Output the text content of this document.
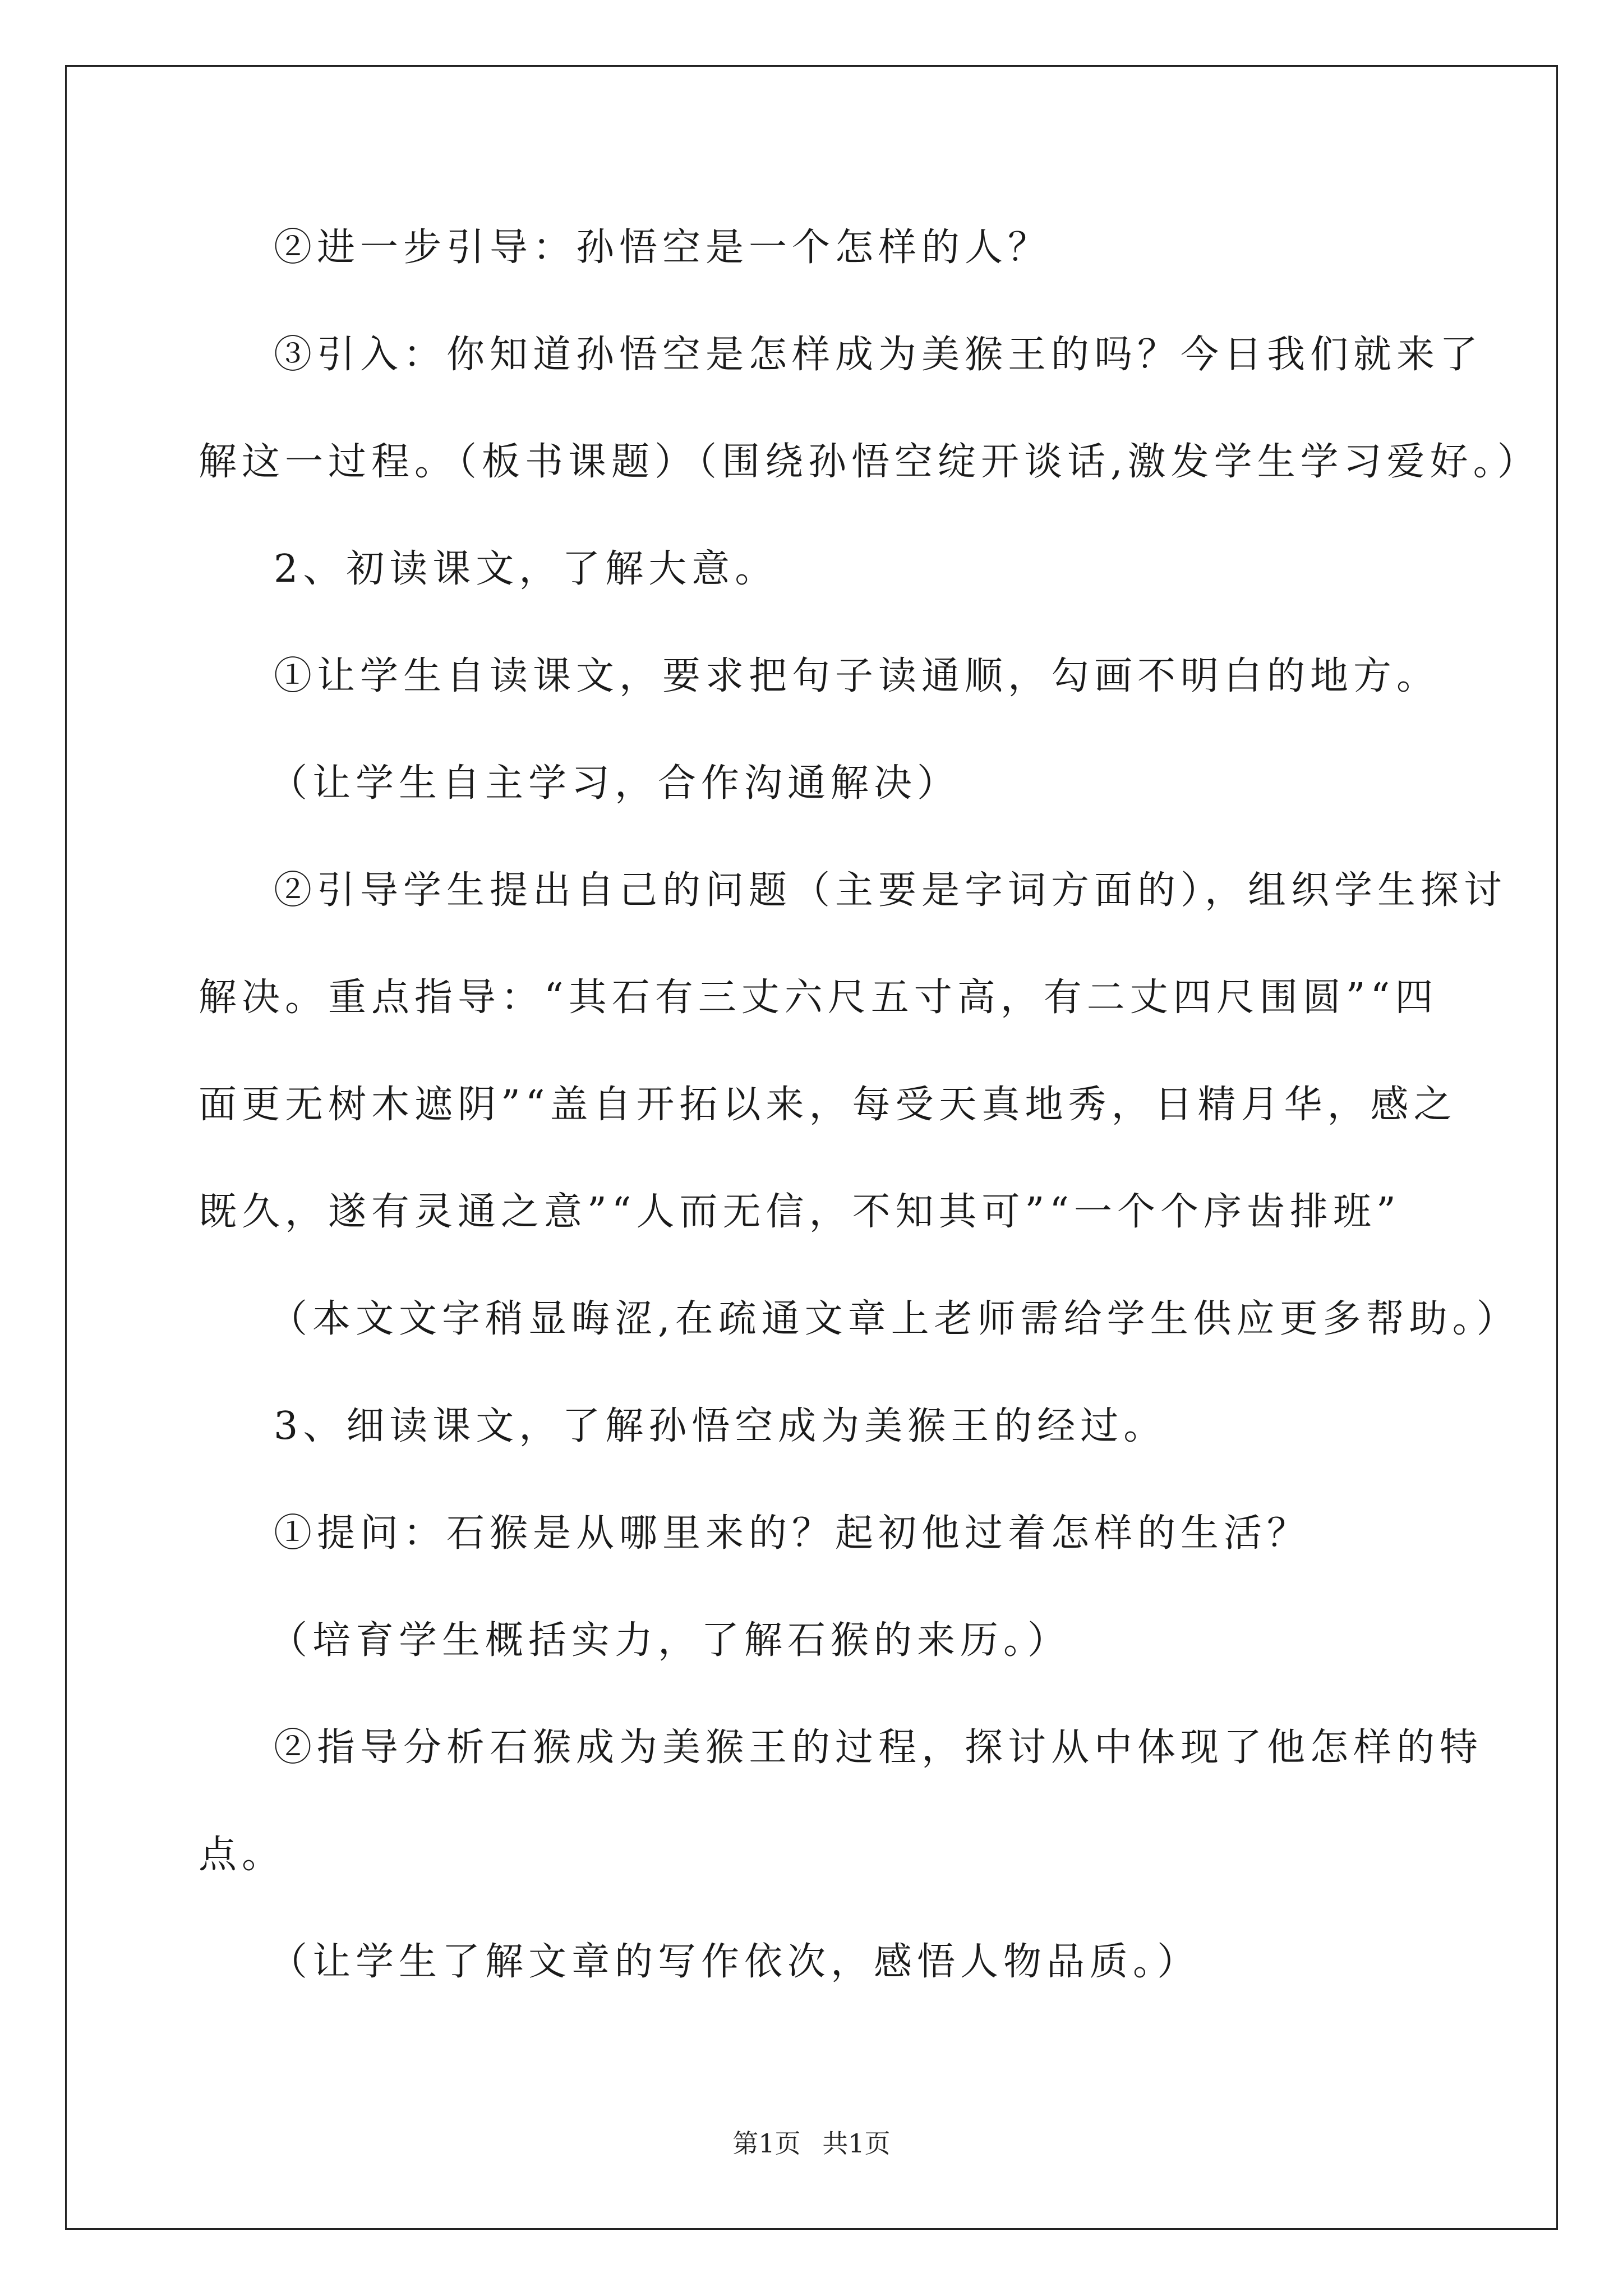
②进一步引导：孙悟空是一个怎样的人？
③引入：你知道孙悟空是怎样成为美猴王的吗？今日我们就来了
解这一过程。（板书课题）（围绕孙悟空绽开谈话,激发学生学习爱好。）
2、初读课文，了解大意。
①让学生自读课文，要求把句子读通顺，勾画不明白的地方。
（让学生自主学习，合作沟通解决）
②引导学生提出自己的问题（主要是字词方面的），组织学生探讨
解决。重点指导：“其石有三丈六尺五寸高，有二丈四尺围圆”“四
面更无树木遮阴”“盖自开拓以来，每受天真地秀，日精月华，感之
既久，遂有灵通之意”“人而无信，不知其可”“一个个序齿排班”
（本文文字稍显晦涩,在疏通文章上老师需给学生供应更多帮助。）
3、细读课文，了解孙悟空成为美猴王的经过。
①提问：石猴是从哪里来的？起初他过着怎样的生活？
（培育学生概括实力，了解石猴的来历。）
②指导分析石猴成为美猴王的过程，探讨从中体现了他怎样的特
点。
（让学生了解文章的写作依次，感悟人物品质。）
第1页 共1页
